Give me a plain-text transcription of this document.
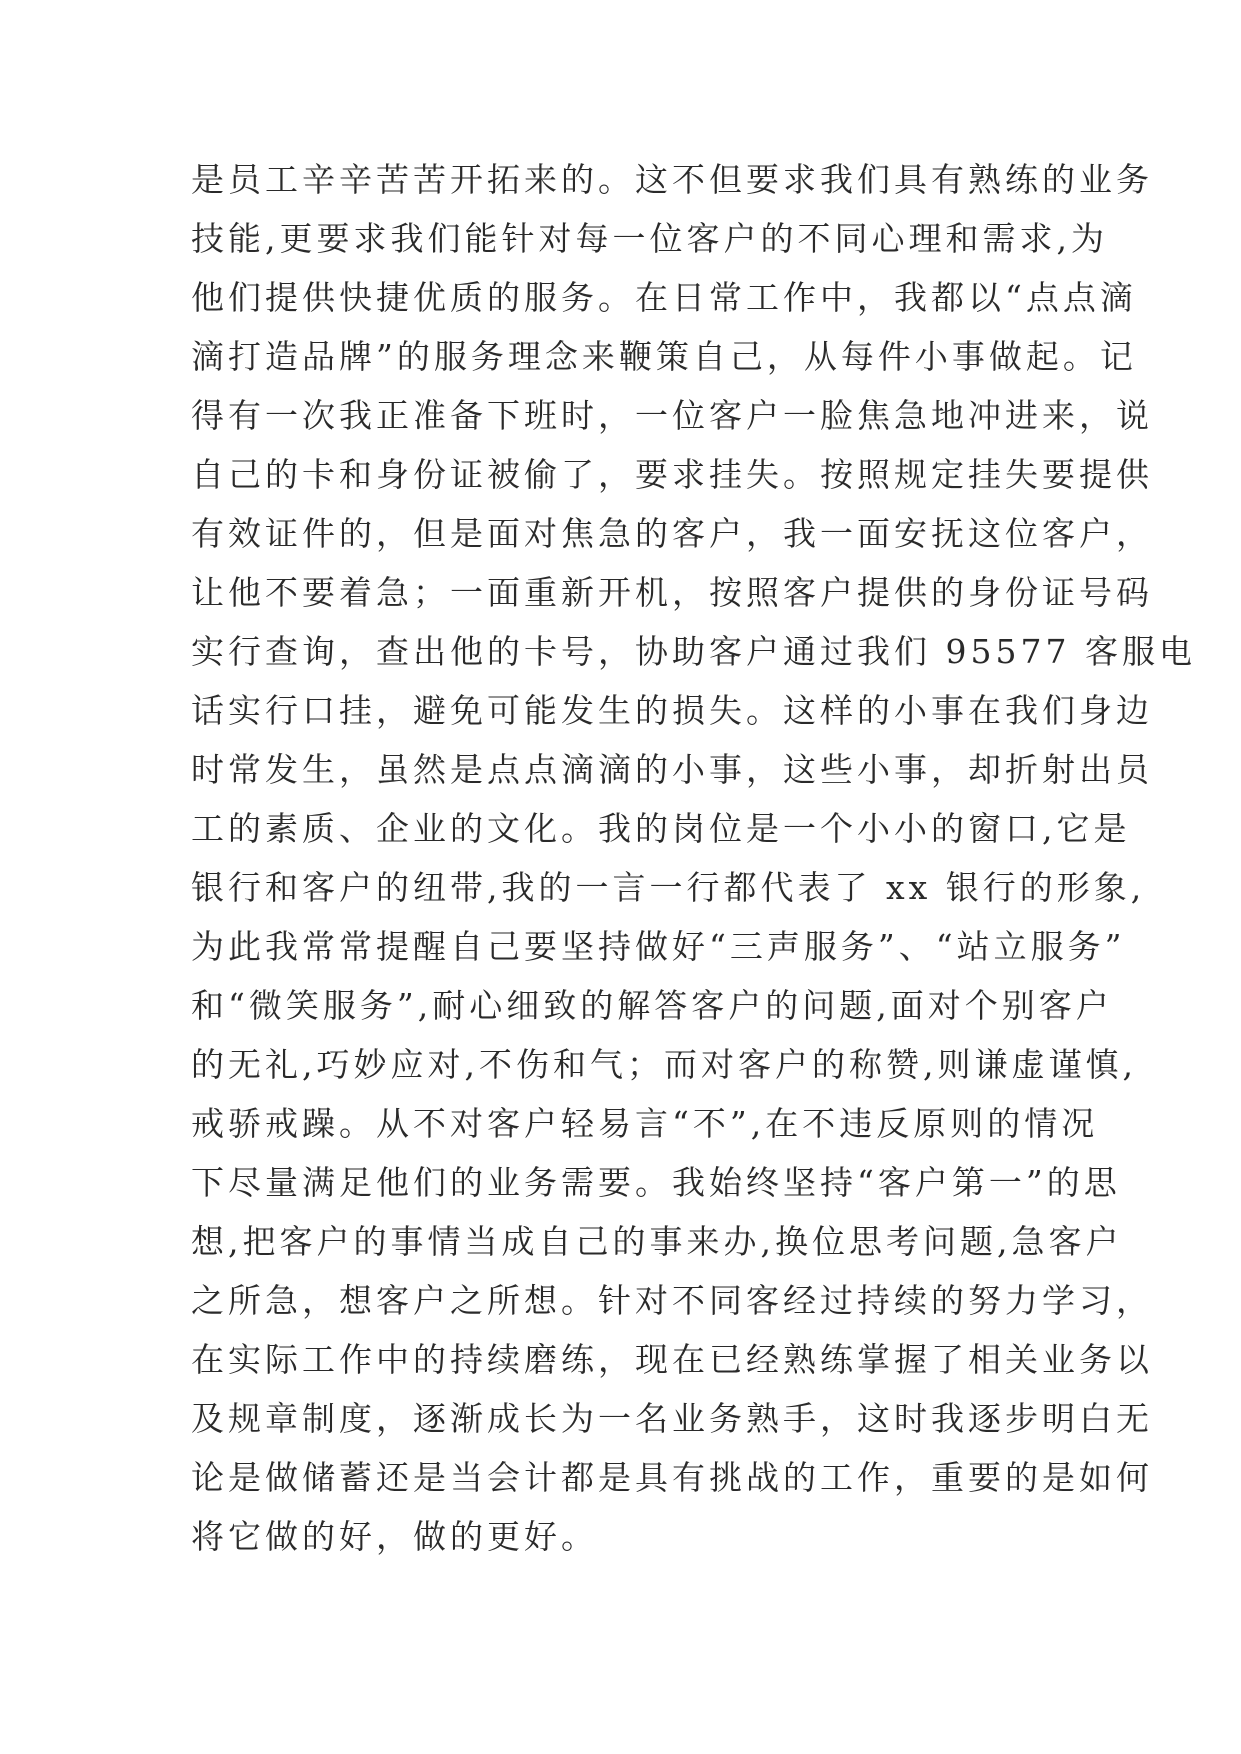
是员工辛辛苦苦开拓来的。这不但要求我们具有熟练的业务
技能,更要求我们能针对每一位客户的不同心理和需求,为
他们提供快捷优质的服务。在日常工作中，我都以“点点滴
滴打造品牌”的服务理念来鞭策自己，从每件小事做起。记
得有一次我正准备下班时，一位客户一脸焦急地冲进来，说
自己的卡和身份证被偷了，要求挂失。按照规定挂失要提供
有效证件的，但是面对焦急的客户，我一面安抚这位客户，
让他不要着急；一面重新开机，按照客户提供的身份证号码
实行查询，查出他的卡号，协助客户通过我们 95577 客服电
话实行口挂，避免可能发生的损失。这样的小事在我们身边
时常发生，虽然是点点滴滴的小事，这些小事，却折射出员
工的素质、企业的文化。我的岗位是一个小小的窗口,它是
银行和客户的纽带,我的一言一行都代表了 xx 银行的形象,
为此我常常提醒自己要坚持做好“三声服务”、“站立服务”
和“微笑服务”,耐心细致的解答客户的问题,面对个别客户
的无礼,巧妙应对,不伤和气；而对客户的称赞,则谦虚谨慎,
戒骄戒躁。从不对客户轻易言“不”,在不违反原则的情况
下尽量满足他们的业务需要。我始终坚持“客户第一”的思
想,把客户的事情当成自己的事来办,换位思考问题,急客户
之所急，想客户之所想。针对不同客经过持续的努力学习，
在实际工作中的持续磨练，现在已经熟练掌握了相关业务以
及规章制度，逐渐成长为一名业务熟手，这时我逐步明白无
论是做储蓄还是当会计都是具有挑战的工作，重要的是如何
将它做的好，做的更好。
